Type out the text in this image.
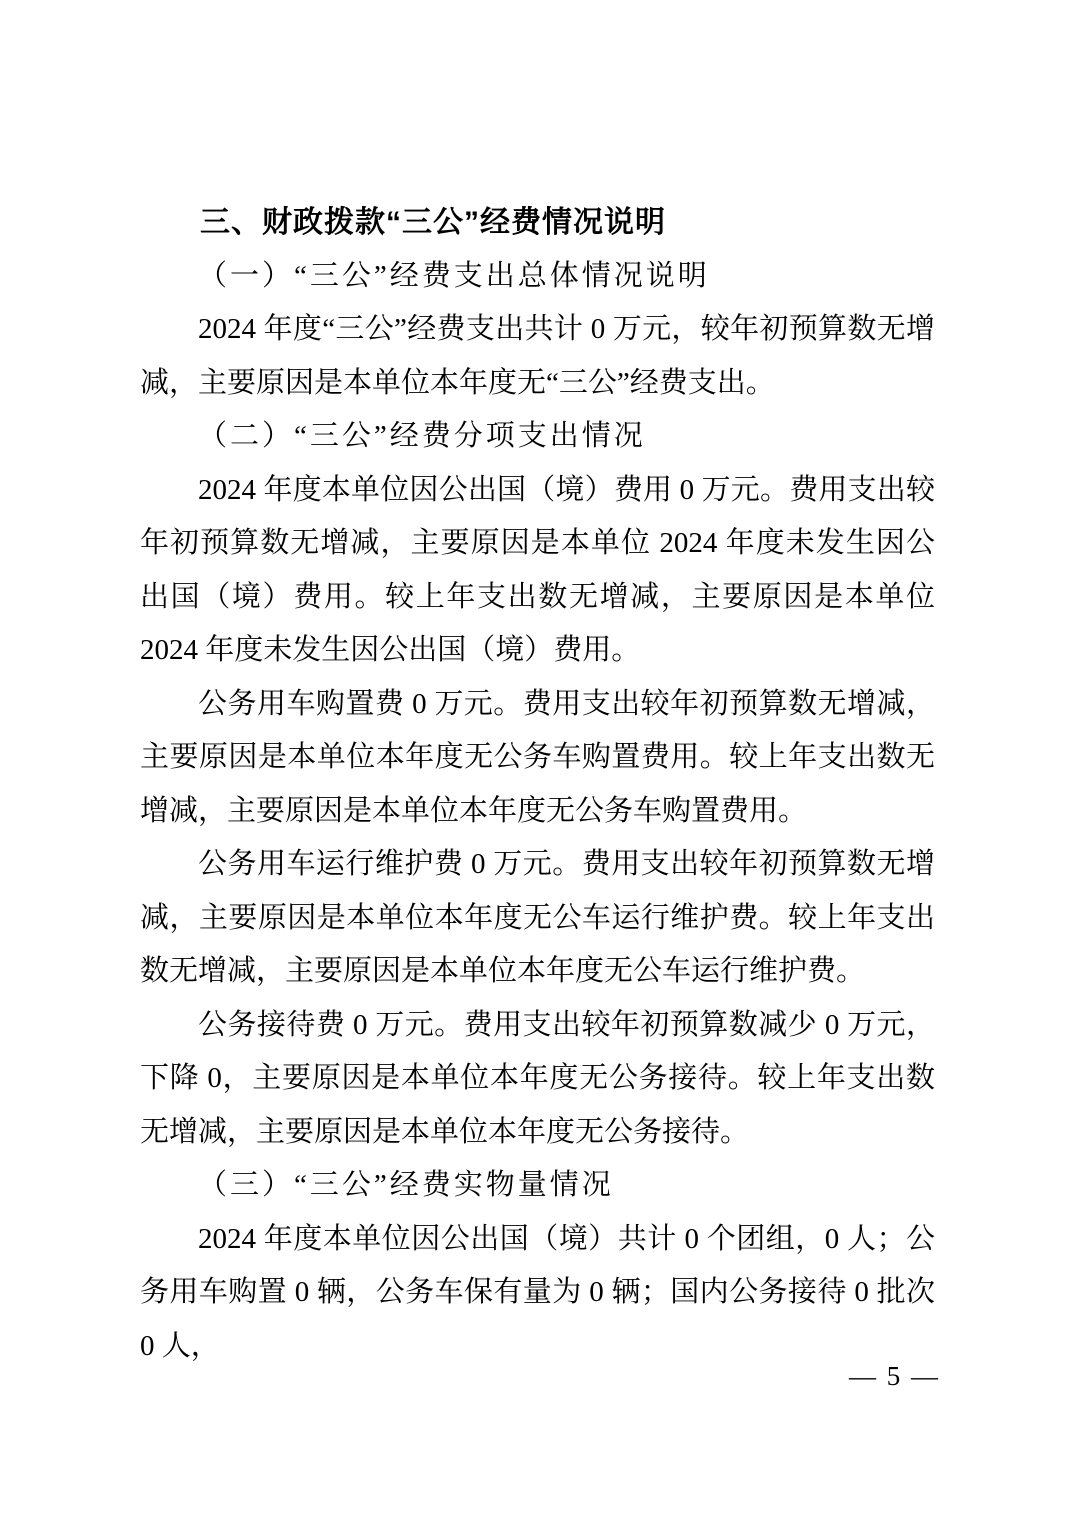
三、财政拨款“三公”经费情况说明
（一）“三公”经费支出总体情况说明

2024 年度“三公”经费支出共计 0 万元，较年初预算数无增减，主要原因是本单位本年度无“三公”经费支出。

（二）“三公”经费分项支出情况

2024 年度本单位因公出国（境）费用 0 万元。费用支出较年初预算数无增减，主要原因是本单位 2024 年度未发生因公出国（境）费用。较上年支出数无增减，主要原因是本单位 2024 年度未发生因公出国（境）费用。

公务用车购置费 0 万元。费用支出较年初预算数无增减，主要原因是本单位本年度无公务车购置费用。较上年支出数无增减，主要原因是本单位本年度无公务车购置费用。

公务用车运行维护费 0 万元。费用支出较年初预算数无增减，主要原因是本单位本年度无公车运行维护费。较上年支出数无增减，主要原因是本单位本年度无公车运行维护费。

公务接待费 0 万元。费用支出较年初预算数减少 0 万元，下降 0，主要原因是本单位本年度无公务接待。较上年支出数无增减，主要原因是本单位本年度无公务接待。

（三）“三公”经费实物量情况

2024 年度本单位因公出国（境）共计 0 个团组，0 人；公务用车购置 0 辆，公务车保有量为 0 辆；国内公务接待 0 批次 0 人，

— 5 —
